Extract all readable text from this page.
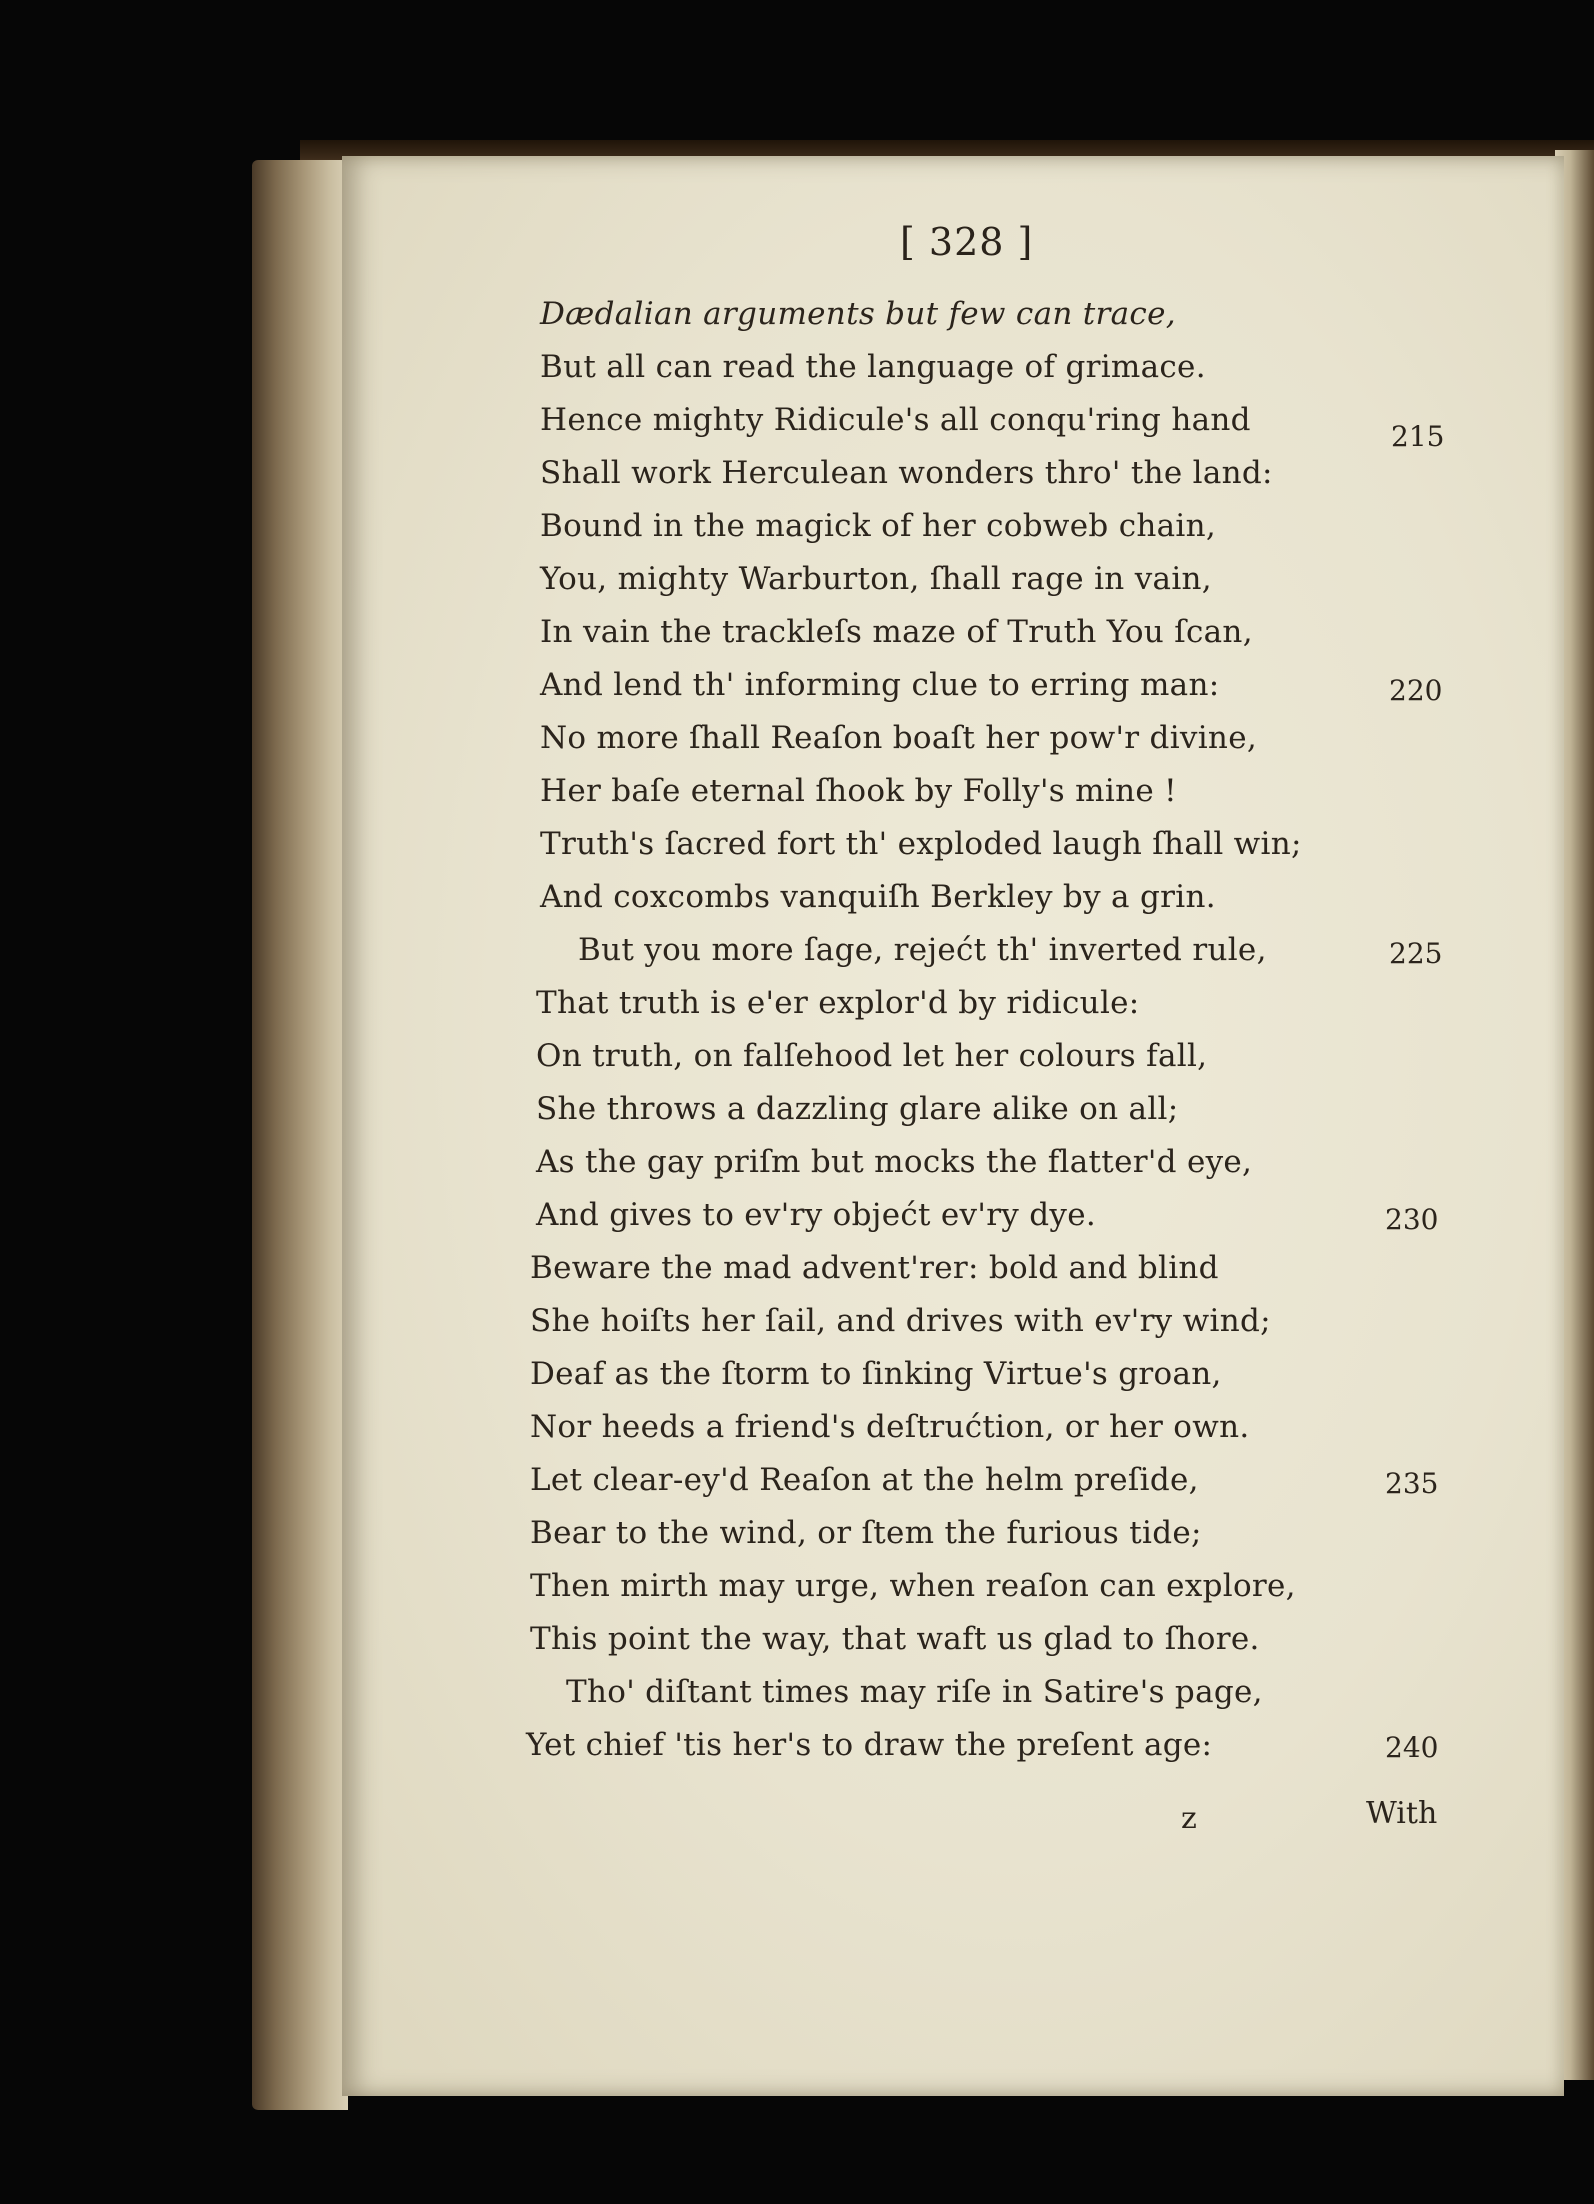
[ 328 ]
Dædalian arguments but few can trace,
But all can read the language of grimace.
Hence mighty Ridicule's all conqu'ring hand
Shall work Herculean wonders thro' the land:
Bound in the magick of her cobweb chain,
You, mighty Warburton, ſhall rage in vain,
In vain the trackleſs maze of Truth You ſcan,
And lend th' informing clue to erring man:
No more ſhall Reaſon boaſt her pow'r divine,
Her baſe eternal ſhook by Folly's mine !
Truth's ſacred fort th' exploded laugh ſhall win;
And coxcombs vanquiſh Berkley by a grin.
But you more ſage, rejećt th' inverted rule,
That truth is e'er explor'd by ridicule:
On truth, on falſehood let her colours fall,
She throws a dazzling glare alike on all;
As the gay priſm but mocks the flatter'd eye,
And gives to ev'ry objećt ev'ry dye.
Beware the mad advent'rer: bold and blind
She hoiſts her ſail, and drives with ev'ry wind;
Deaf as the ſtorm to ſinking Virtue's groan,
Nor heeds a friend's deſtrućtion, or her own.
Let clear-ey'd Reaſon at the helm preſide,
Bear to the wind, or ſtem the furious tide;
Then mirth may urge, when reaſon can explore,
This point the way, that waft us glad to ſhore.
Tho' diſtant times may riſe in Satire's page,
Yet chief 'tis her's to draw the preſent age:
215
220
225
230
235
240
z	With
